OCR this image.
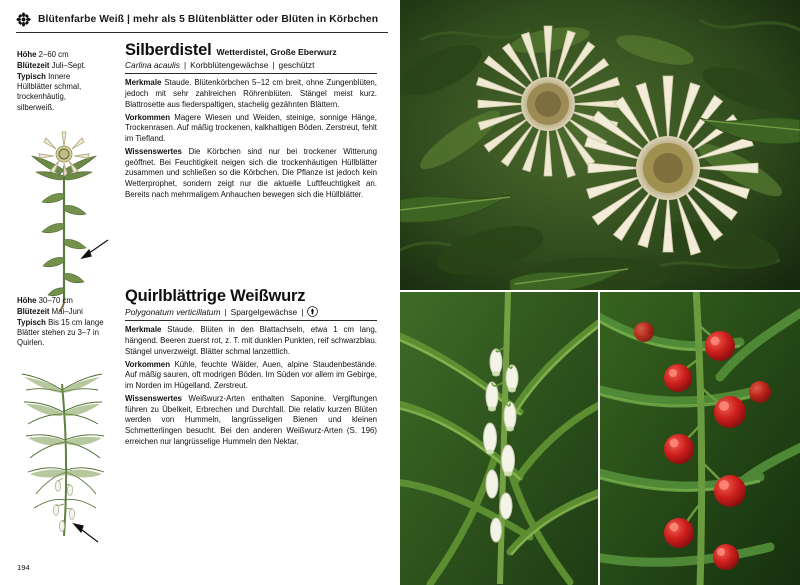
Blütenfarbe Weiß | mehr als 5 Blütenblätter oder Blüten in Körbchen
Höhe 2–60 cm
Blütezeit Juli–Sept.
Typisch Innere Hüllblätter schmal, trockenhäutig, silberweiß.
Silberdistel Wetterdistel, Große Eberwurz
Carlina acaulis | Korbblütengewächse | geschützt

Merkmale Staude. Blütenkörbchen 5–12 cm breit, ohne Zungenblüten, jedoch mit sehr zahlreichen Röhrenblüten. Stängel meist kurz. Blattrosette aus fiederspaltigen, stachelig gezähnten Blättern.

Vorkommen Magere Wiesen und Weiden, steinige, sonnige Hänge, Trockenrasen. Auf mäßig trockenen, kalkhaltigen Böden. Zerstreut, fehlt im Tiefland.

Wissenswertes Die Körbchen sind nur bei trockener Witterung geöffnet. Bei Feuchtigkeit neigen sich die trockenhäutigen Hüllblätter zusammen und schließen so die Körbchen. Die Pflanze ist jedoch kein Wetterprophet, sondern zeigt nur die aktuelle Luftfeuchtigkeit an. Bereits nach mehrmaligem Anhauchen bewegen sich die Hüllblätter.

Höhe 30–70 cm
Blütezeit Mai–Juni
Typisch Bis 15 cm lange Blätter stehen zu 3–7 in Quirlen.
Quirlblättrige Weißwurz
Polygonatum verticillatum | Spargelgewächse |

Merkmale Staude. Blüten in den Blattachseln, etwa 1 cm lang, hängend. Beeren zuerst rot, z. T. mit dunklen Punkten, reif schwarzblau. Stängel unverzweigt. Blätter schmal lanzettlich.

Vorkommen Kühle, feuchte Wälder, Auen, alpine Staudenbestände. Auf mäßig sauren, oft modrigen Böden. Im Süden vor allem im Gebirge, im Norden im Hügelland. Zerstreut.

Wissenswertes Weißwurz-Arten enthalten Saponine. Vergiftungen führen zu Übelkeit, Erbrechen und Durchfall. Die relativ kurzen Blüten werden von Hummeln, langrüsseligen Bienen und kleinen Schmetterlingen besucht. Bei den anderen Weißwurz-Arten (S. 196) erreichen nur langrüsselige Hummeln den Nektar.

194
